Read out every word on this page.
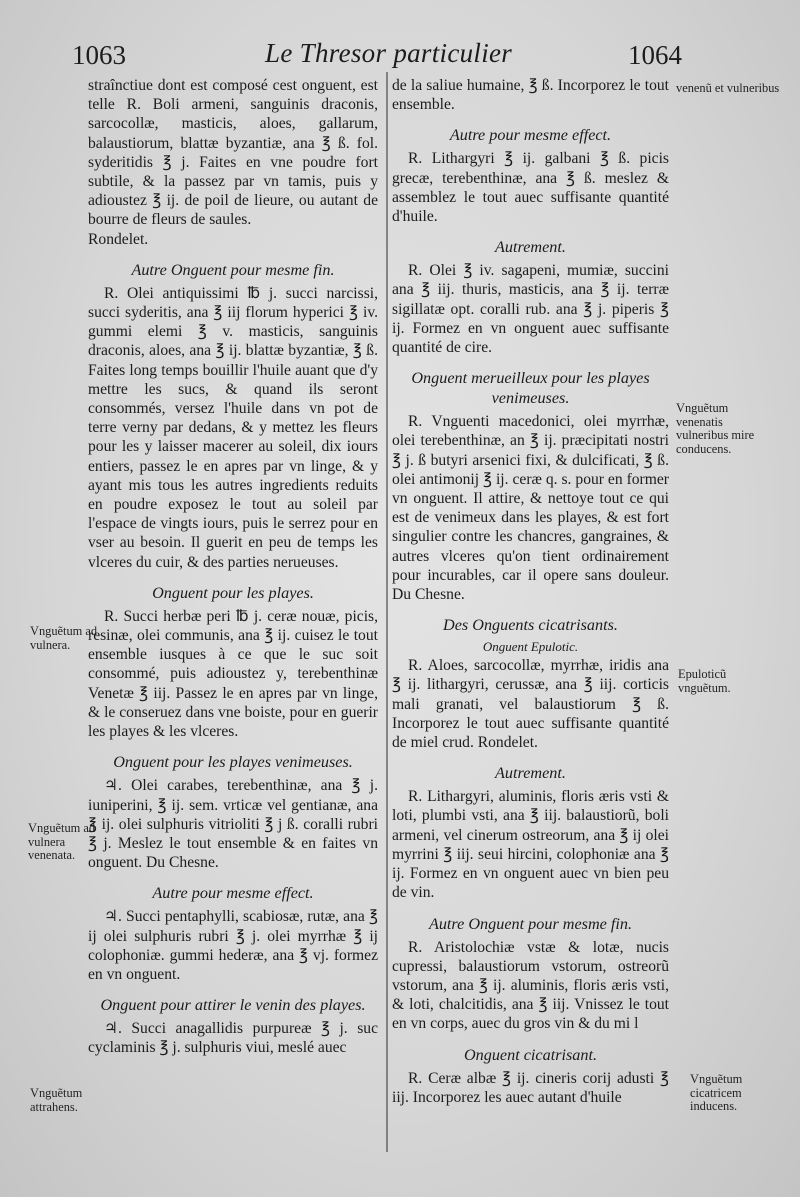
1063	Le Thresor particulier	1064

straînctiue dont est composé cest onguent, est telle R. Boli armeni, sanguinis draconis, sarcocollæ, masticis, aloes, gallarum, balaustiorum, blattæ byzantiæ, ana ℥ ß. fol. syderitidis ℥ j. Faites en vne poudre fort subtile, & la passez par vn tamis, puis y adioustez ℥ ij. de poil de lieure, ou autant de bourre de fleurs de saules.

Rondelet.

Autre Onguent pour mesme fin.

R. Olei antiquissimi ℔ j. succi narcissi, succi syderitis, ana ℥ iij florum hyperici ℥ iv. gummi elemi ℥ v. masticis, sanguinis draconis, aloes, ana ℥ ij. blattæ byzantiæ, ℥ ß. Faites long temps bouillir l'huile auant que d'y mettre les sucs, & quand ils seront consommés, versez l'huile dans vn pot de terre verny par dedans, & y mettez les fleurs pour les y laisser macerer au soleil, dix iours entiers, passez le en apres par vn linge, & y ayant mis tous les autres ingredients reduits en poudre exposez le tout au soleil par l'espace de vingts iours, puis le serrez pour en vser au besoin. Il guerit en peu de temps les vlceres du cuir, & des parties nerueuses.

Onguent pour les playes.

R. Succi herbæ peri ℔ j. ceræ nouæ, picis, resinæ, olei communis, ana ℥ ij. cuisez le tout ensemble iusques à ce que le suc soit consommé, puis adioustez y, terebenthinæ Venetæ ℥ iij. Passez le en apres par vn linge, & le conseruez dans vne boiste, pour en guerir les playes & les vlceres.

Onguent pour les playes venimeuses.

♃. Olei carabes, terebenthinæ, ana ℥ j. iuniperini, ℥ ij. sem. vrticæ vel gentianæ, ana ℥ ij. olei sulphuris vitrioliti ℥ j ß. coralli rubri ℥ j. Meslez le tout ensemble & en faites vn onguent. Du Chesne.

Autre pour mesme effect.

♃. Succi pentaphylli, scabiosæ, rutæ, ana ℥ ij olei sulphuris rubri ℥ j. olei myrrhæ ℥ ij colophoniæ. gummi hederæ, ana ℥ vj. formez en vn onguent.

Onguent pour attirer le venin des playes.

♃. Succi anagallidis purpureæ ℥ j. suc cyclaminis ℥ j. sulphuris viui, meslé auec

de la saliue humaine, ℥ ß. Incorporez le tout ensemble.

Autre pour mesme effect.

R. Lithargyri ℥ ij. galbani ℥ ß. picis grecæ, terebenthinæ, ana ℥ ß. meslez & assemblez le tout auec suffisante quantité d'huile.

Autrement.

R. Olei ℥ iv. sagapeni, mumiæ, succini ana ℥ iij. thuris, masticis, ana ℥ ij. terræ sigillatæ opt. coralli rub. ana ℥ j. piperis ℥ ij. Formez en vn onguent auec suffisante quantité de cire.

Onguent merueilleux pour les playes venimeuses.

R. Vnguenti macedonici, olei myrrhæ, olei terebenthinæ, an ℥ ij. præcipitati nostri ℥ j. ß butyri arsenici fixi, & dulcificati, ℥ ß. olei antimonij ℥ ij. ceræ q. s. pour en former vn onguent. Il attire, & nettoye tout ce qui est de venimeux dans les playes, & est fort singulier contre les chancres, gangraines, & autres vlceres qu'on tient ordinairement pour incurables, car il opere sans douleur. Du Chesne.

Des Onguents cicatrisants.
Onguent Epulotic.

R. Aloes, sarcocollæ, myrrhæ, iridis ana ℥ ij. lithargyri, cerussæ, ana ℥ iij. corticis mali granati, vel balaustiorum ℥ ß. Incorporez le tout auec suffisante quantité de miel crud. Rondelet.

Autrement.

R. Lithargyri, aluminis, floris æris vsti & loti, plumbi vsti, ana ℥ iij. balaustiorũ, boli armeni, vel cinerum ostreorum, ana ℥ ij olei myrrini ℥ iij. seui hircini, colophoniæ ana ℥ ij. Formez en vn onguent auec vn bien peu de vin.

Autre Onguent pour mesme fin.

R. Aristolochiæ vstæ & lotæ, nucis cupressi, balaustiorum vstorum, ostreorũ vstorum, ana ℥ ij. aluminis, floris æris vsti, & loti, chalcitidis, ana ℥ iij. Vnissez le tout en vn corps, auec du gros vin & du mi l

Onguent cicatrisant.

R. Ceræ albæ ℥ ij. cineris corij adusti ℥ iij. Incorporez les auec autant d'huile

venenũ et vulneribus
Vnguẽtum venenatis vulneribus mire conducens.
Epuloticũ vnguẽtum.
Vnguẽtum cicatricem inducens.
Vnguẽtum ad vulnera.
Vnguẽtum ad vulnera venenata.
Vnguẽtum attrahens.
